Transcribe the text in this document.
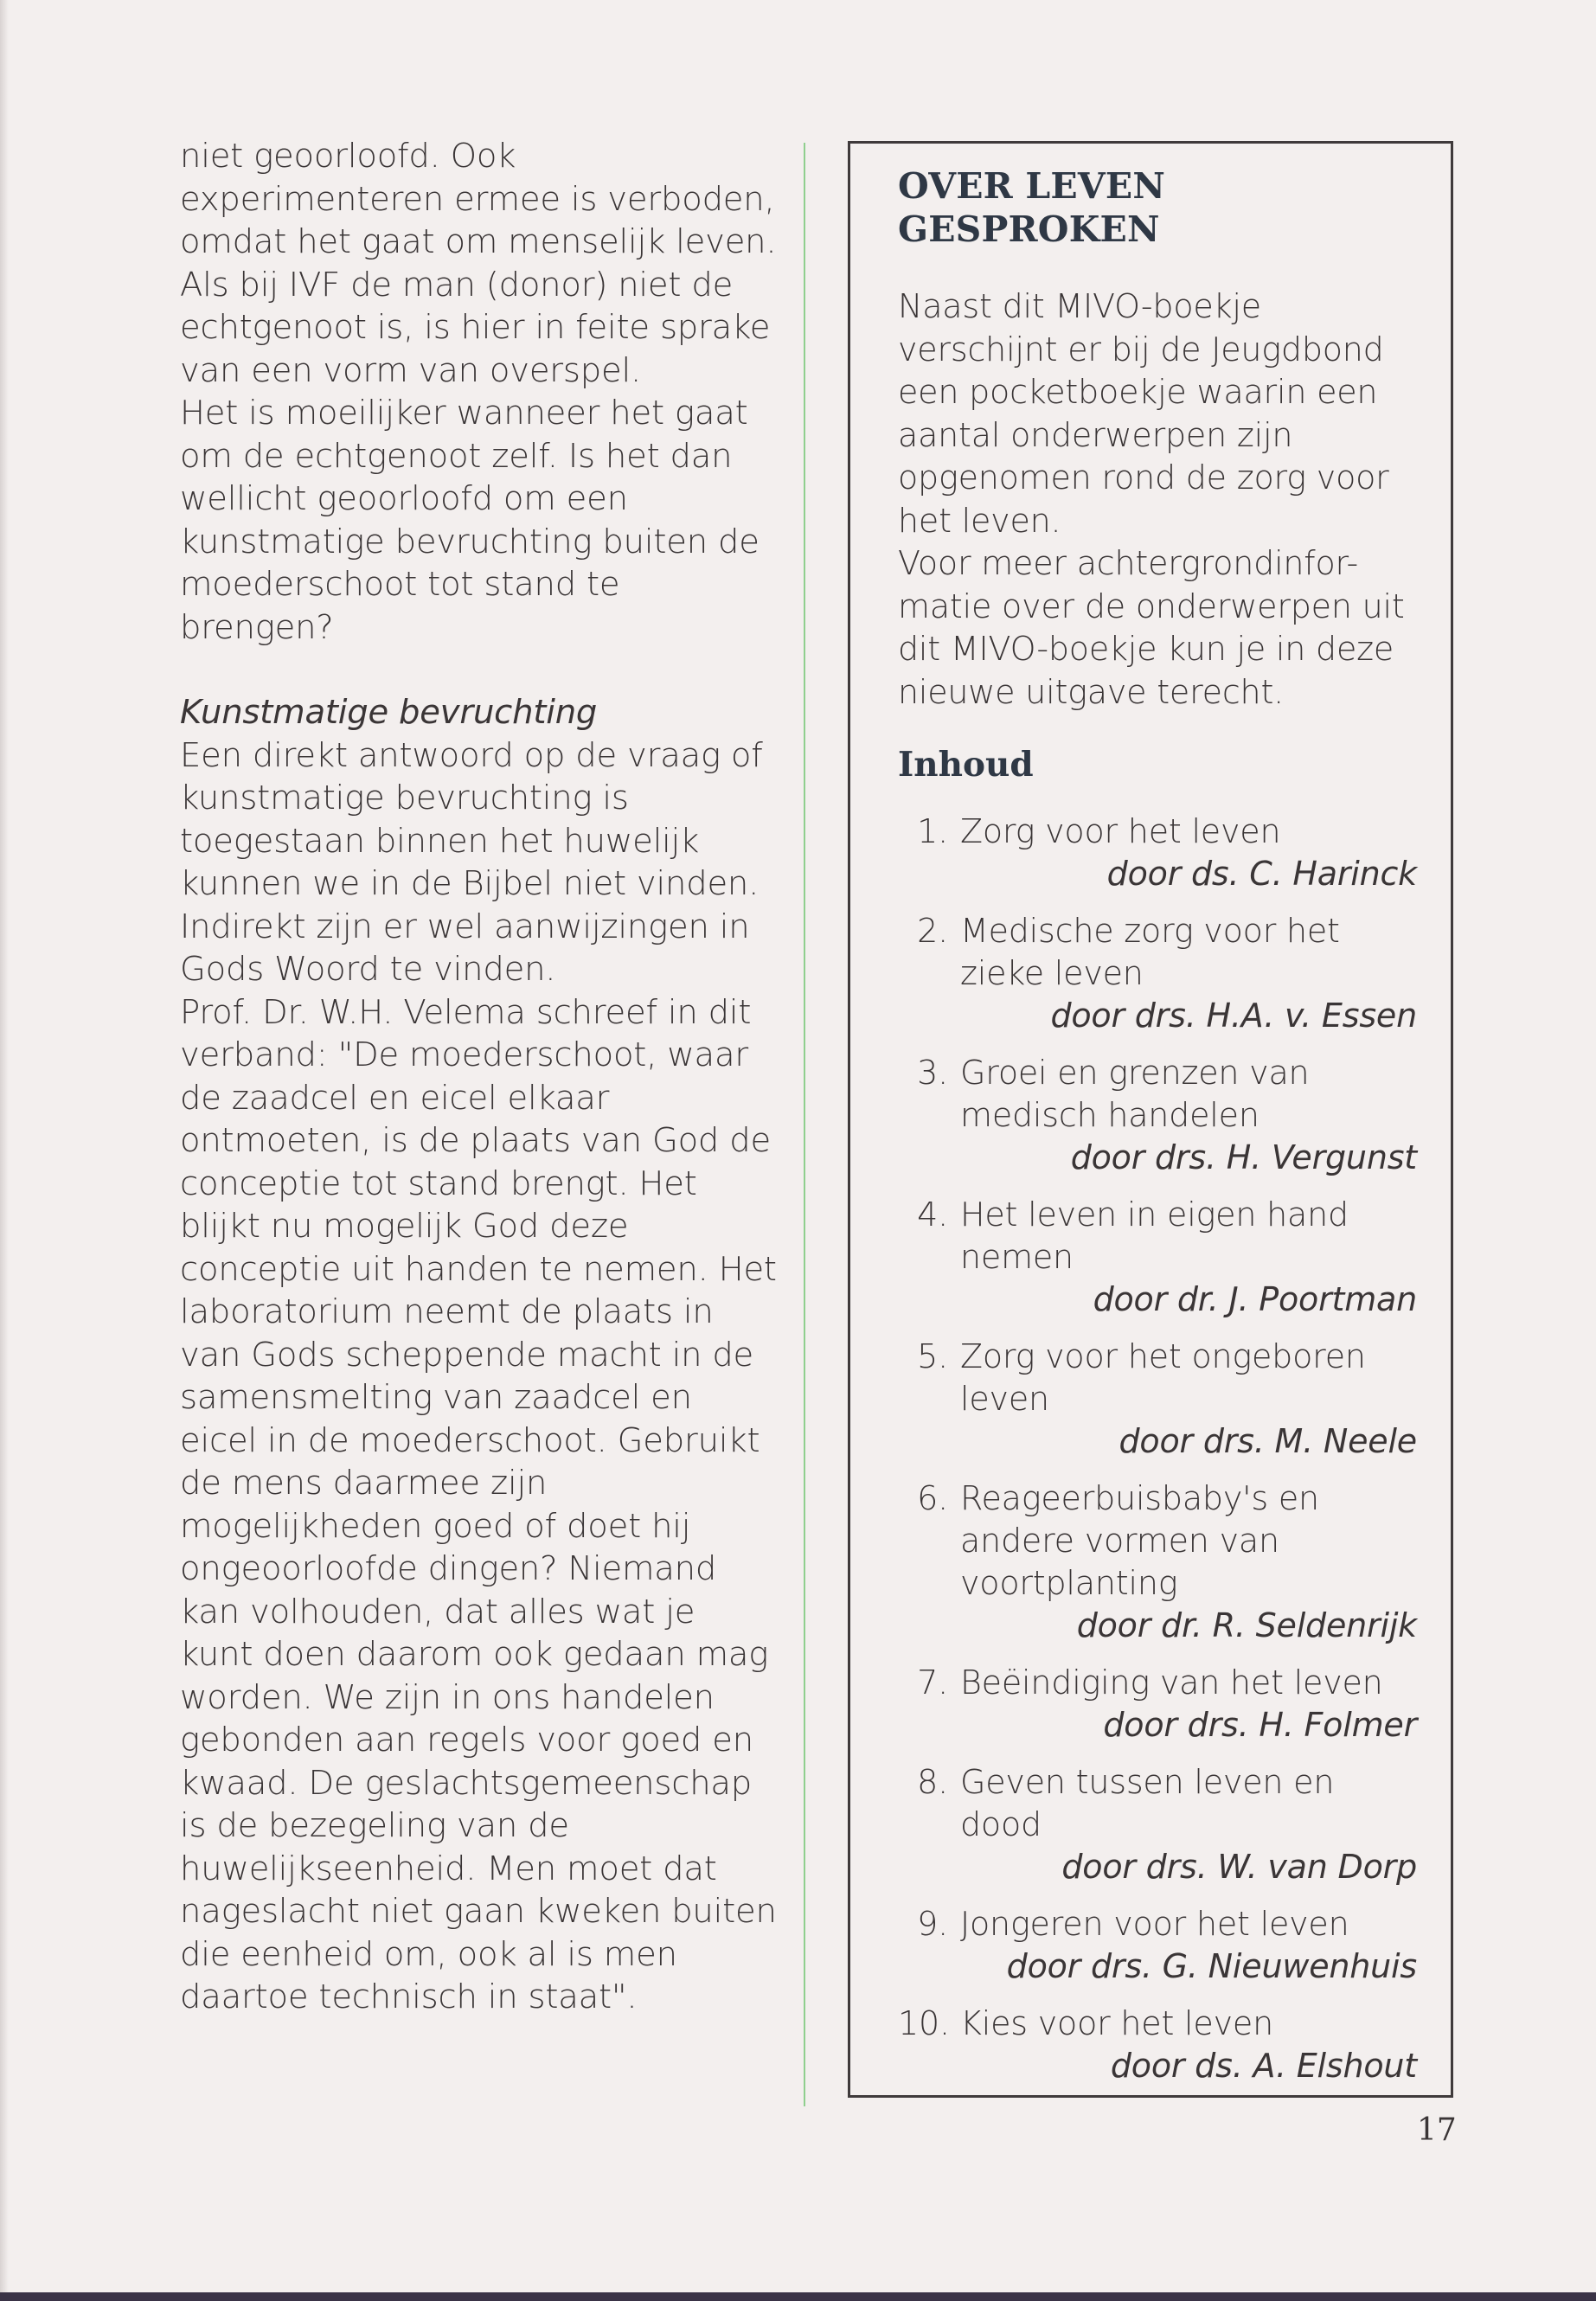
niet geoorloofd. Ook experimenteren ermee is verboden, omdat het gaat om menselijk leven. Als bij IVF de man (donor) niet de echtgenoot is, is hier in feite sprake van een vorm van overspel.
Het is moeilijker wanneer het gaat om de echtgenoot zelf. Is het dan wellicht geoorloofd om een kunstmatige bevruchting buiten de moederschoot tot stand te brengen?
Kunstmatige bevruchting
Een direkt antwoord op de vraag of kunstmatige bevruchting is toegestaan binnen het huwelijk kunnen we in de Bijbel niet vinden. Indirekt zijn er wel aanwijzingen in Gods Woord te vinden.
Prof. Dr. W.H. Velema schreef in dit verband: "De moederschoot, waar de zaadcel en eicel elkaar ontmoeten, is de plaats van God de conceptie tot stand brengt. Het blijkt nu mogelijk God deze conceptie uit handen te nemen. Het laboratorium neemt de plaats in van Gods scheppende macht in de samensmelting van zaadcel en eicel in de moederschoot. Gebruikt de mens daarmee zijn mogelijkheden goed of doet hij ongeoorloofde dingen? Niemand kan volhouden, dat alles wat je kunt doen daarom ook gedaan mag worden. We zijn in ons handelen gebonden aan regels voor goed en kwaad. De geslachtsgemeenschap is de bezegeling van de huwelijkseenheid. Men moet dat nageslacht niet gaan kweken buiten die eenheid om, ook al is men daartoe technisch in staat".
OVER LEVEN
GESPROKEN
Naast dit MIVO-boekje verschijnt er bij de Jeugdbond een pocketboekje waarin een aantal onderwerpen zijn opgenomen rond de zorg voor het leven.
Voor meer achtergrondinfor-matie over de onderwerpen uit dit MIVO-boekje kun je in deze nieuwe uitgave terecht.
Inhoud
1. Zorg voor het leven
door ds. C. Harinck
2. Medische zorg voor het zieke leven
door drs. H.A. v. Essen
3. Groei en grenzen van medisch handelen
door drs. H. Vergunst
4. Het leven in eigen hand nemen
door dr. J. Poortman
5. Zorg voor het ongeboren leven
door drs. M. Neele
6. Reageerbuisbaby's en andere vormen van voortplanting
door dr. R. Seldenrijk
7. Beëindiging van het leven
door drs. H. Folmer
8. Geven tussen leven en dood
door drs. W. van Dorp
9. Jongeren voor het leven
door drs. G. Nieuwenhuis
10. Kies voor het leven
door ds. A. Elshout
17
